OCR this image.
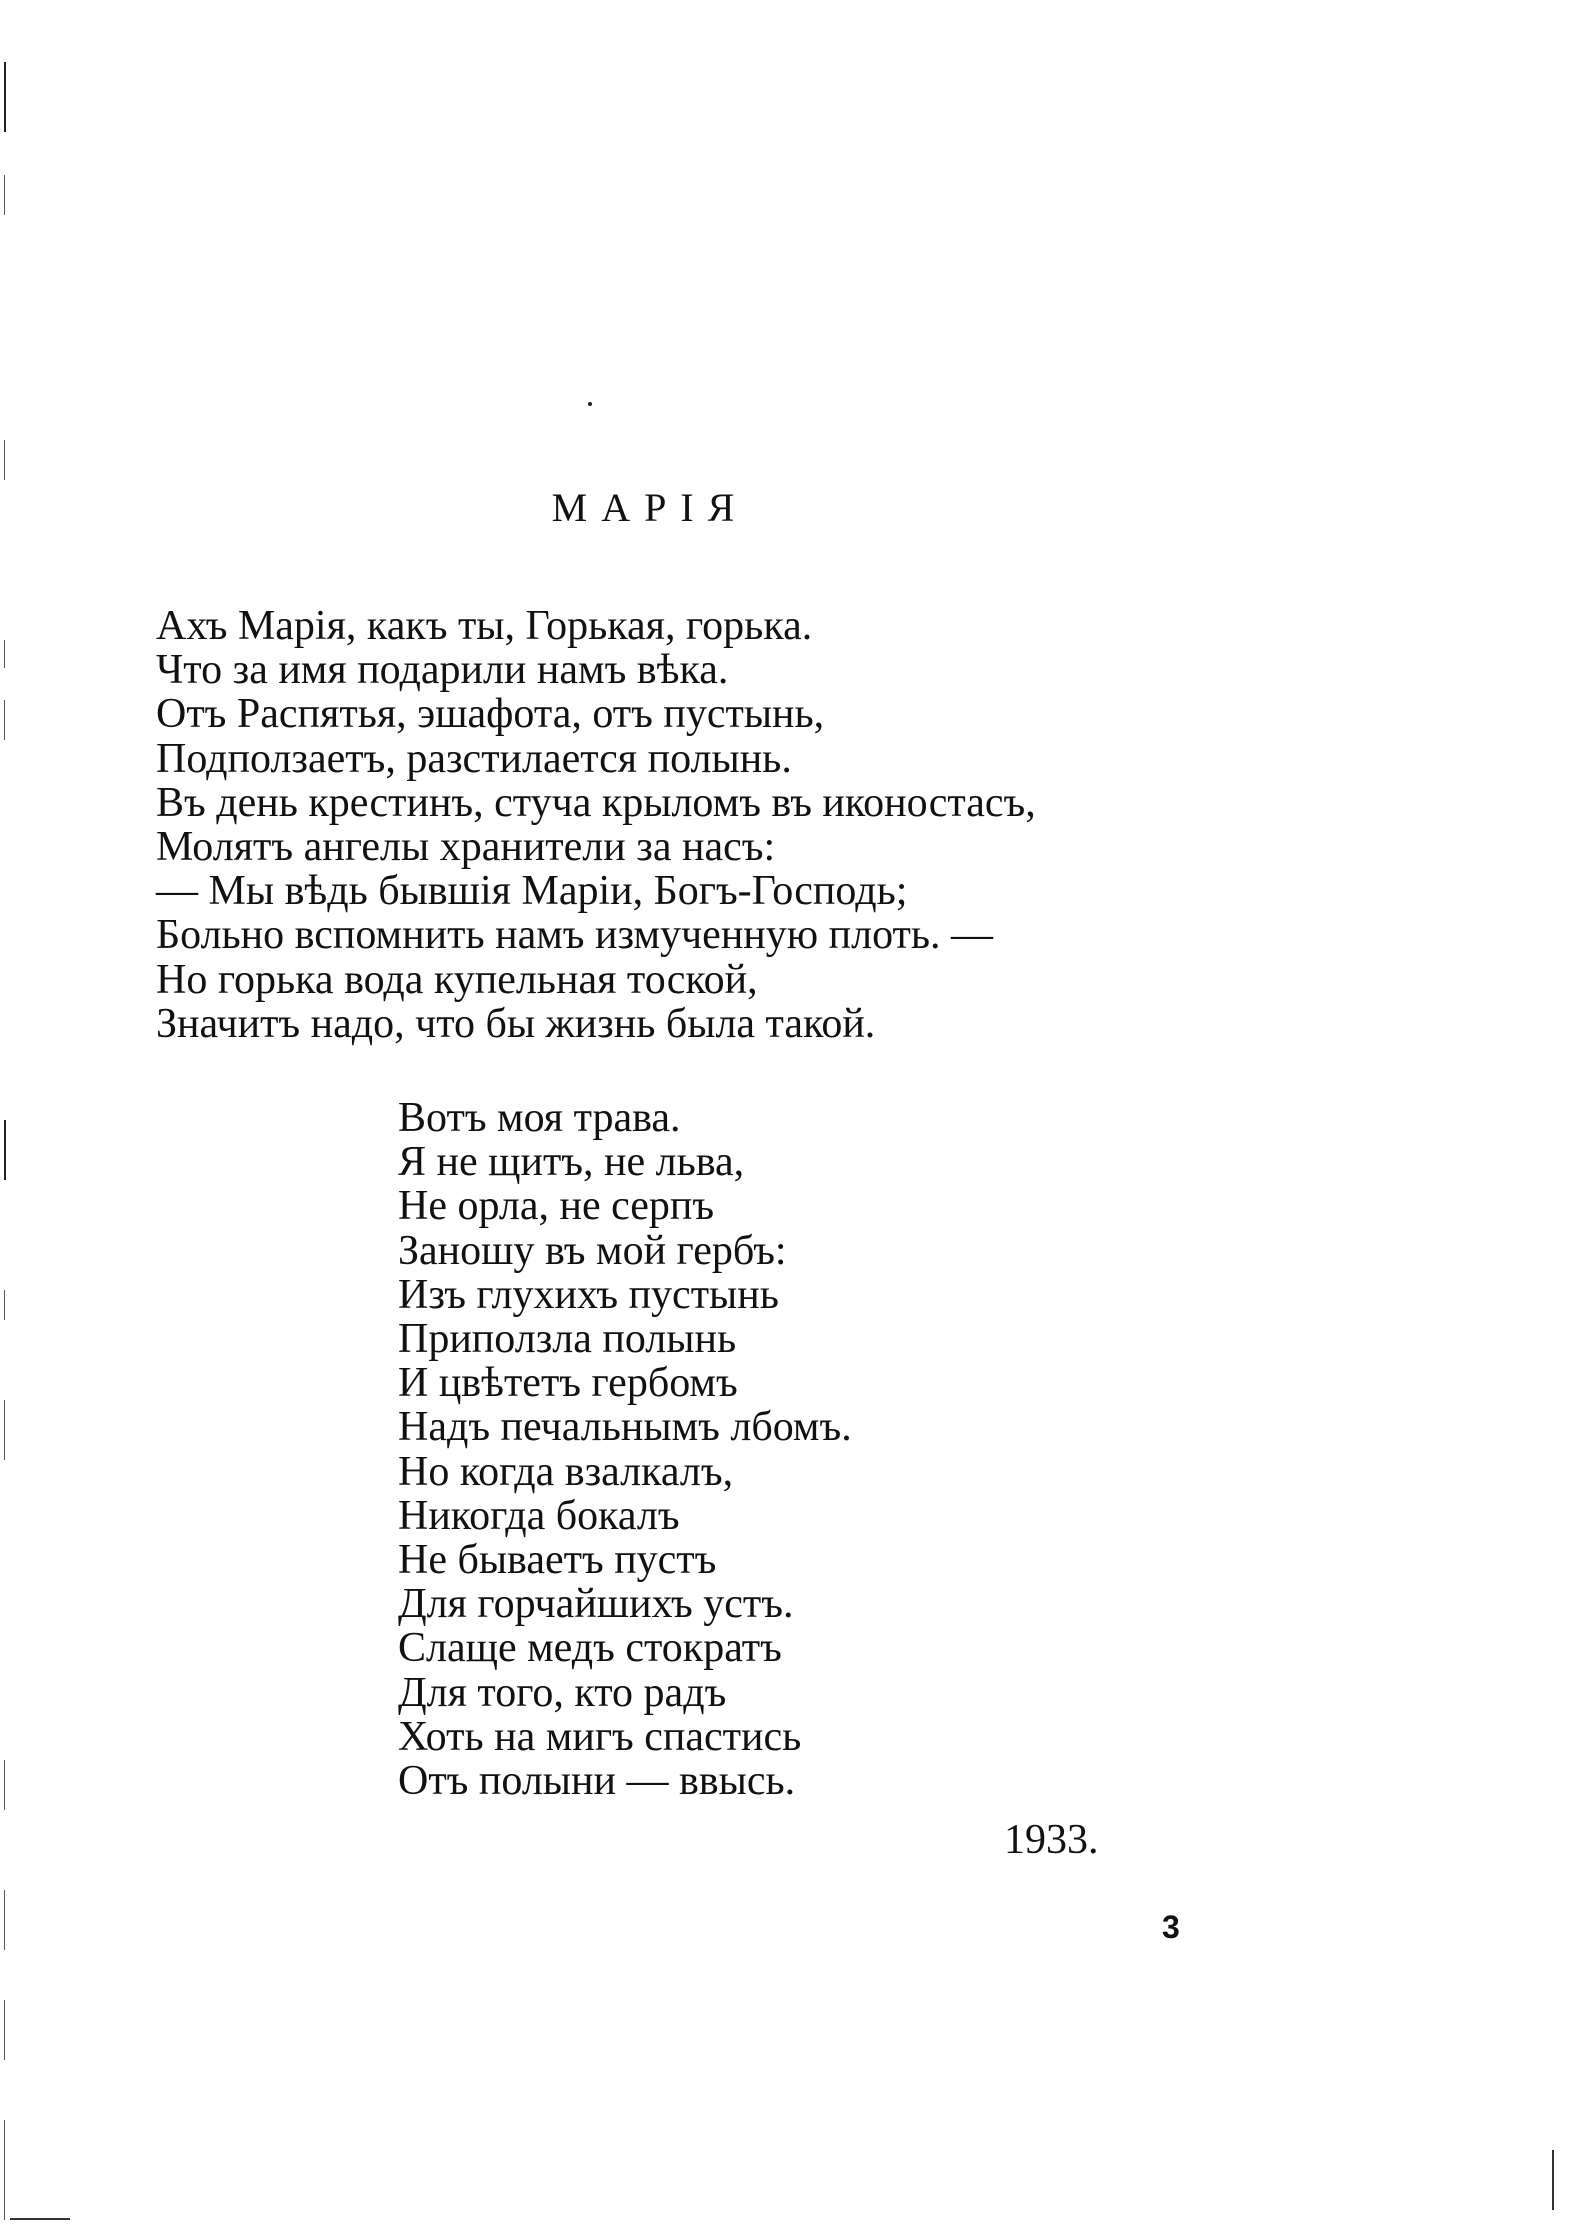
МАРІЯ
Ахъ Марія, какъ ты, Горькая, горька.
Что за имя подарили намъ вѣка.
Отъ Распятья, эшафота, отъ пустынь,
Подползаетъ, разстилается полынь.
Въ день крестинъ, стуча крыломъ въ иконостасъ,
Молятъ ангелы хранители за насъ:
— Мы вѣдь бывшія Маріи, Богъ-Господь;
Больно вспомнить намъ измученную плоть. —
Но горька вода купельная тоской,
Значитъ надо, что бы жизнь была такой.
Вотъ моя трава.
Я не щитъ, не льва,
Не орла, не серпъ
Заношу въ мой гербъ:
Изъ глухихъ пустынь
Приползла полынь
И цвѣтетъ гербомъ
Надъ печальнымъ лбомъ.
Но когда взалкалъ,
Никогда бокалъ
Не бываетъ пустъ
Для горчайшихъ устъ.
Слаще медъ стократъ
Для того, кто радъ
Хоть на мигъ спастись
Отъ полыни — ввысь.
1933.
3
